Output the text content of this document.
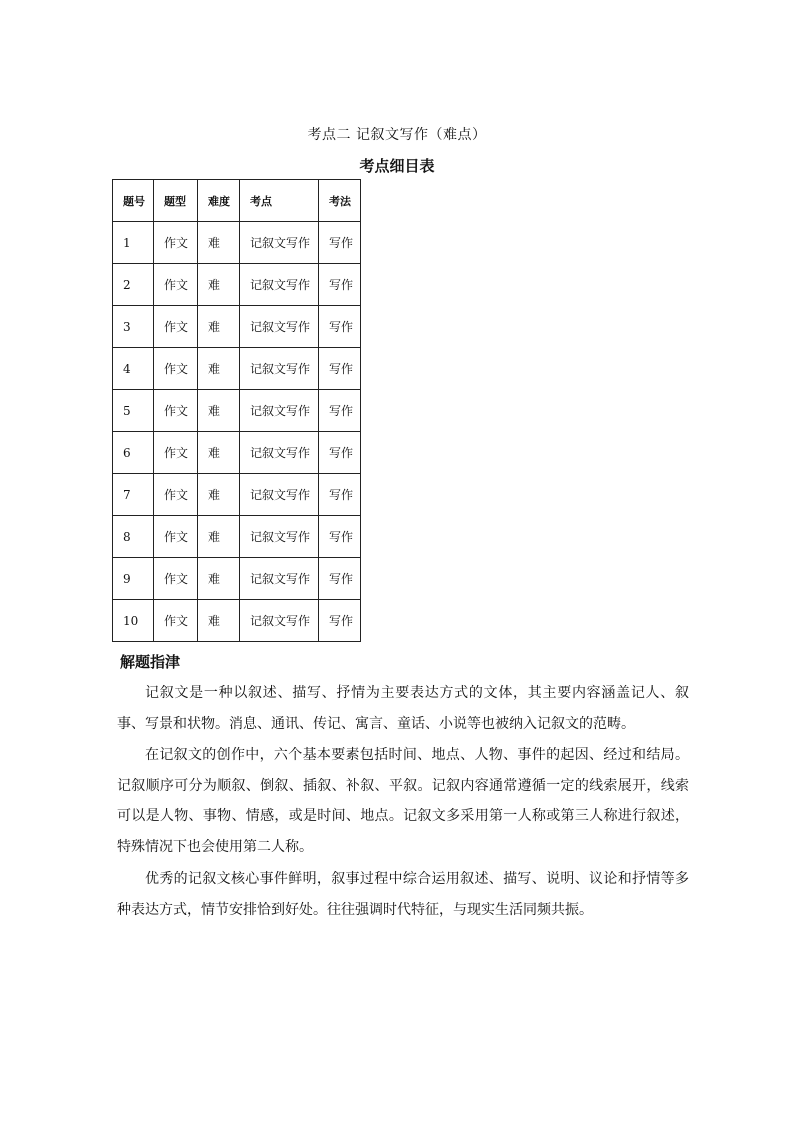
考点二 记叙文写作（难点）
考点细目表
题号	题型	难度	考点	考法
1	作文	难	记叙文写作	写作
2	作文	难	记叙文写作	写作
3	作文	难	记叙文写作	写作
4	作文	难	记叙文写作	写作
5	作文	难	记叙文写作	写作
6	作文	难	记叙文写作	写作
7	作文	难	记叙文写作	写作
8	作文	难	记叙文写作	写作
9	作文	难	记叙文写作	写作
10	作文	难	记叙文写作	写作
解题指津

记叙文是一种以叙述、描写、抒情为主要表达方式的文体，其主要内容涵盖记人、叙事、写景和状物。消息、通讯、传记、寓言、童话、小说等也被纳入记叙文的范畴。

在记叙文的创作中，六个基本要素包括时间、地点、人物、事件的起因、经过和结局。记叙顺序可分为顺叙、倒叙、插叙、补叙、平叙。记叙内容通常遵循一定的线索展开，线索可以是人物、事物、情感，或是时间、地点。记叙文多采用第一人称或第三人称进行叙述，特殊情况下也会使用第二人称。

优秀的记叙文核心事件鲜明，叙事过程中综合运用叙述、描写、说明、议论和抒情等多种表达方式，情节安排恰到好处。往往强调时代特征，与现实生活同频共振。
